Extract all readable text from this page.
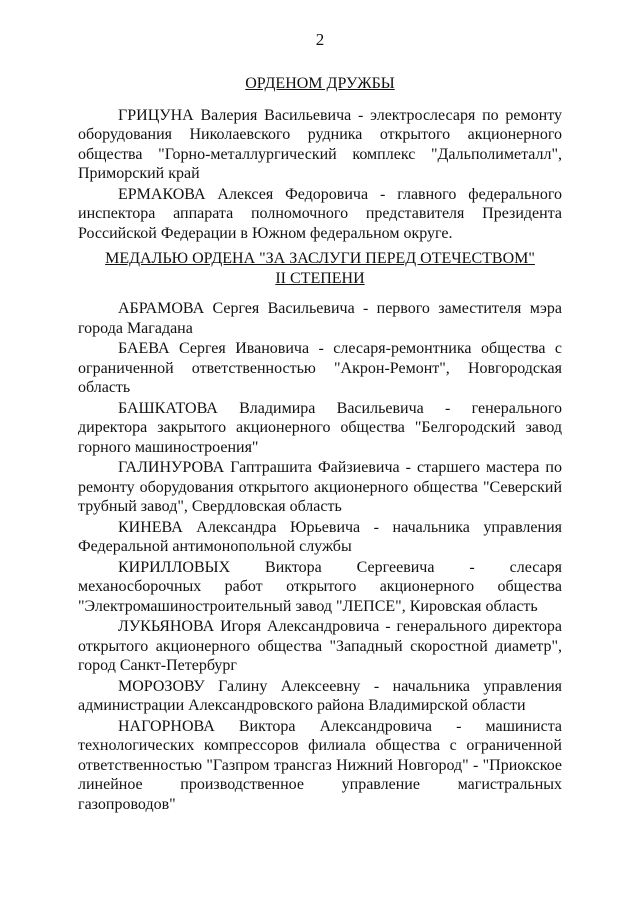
2
ОРДЕНОМ ДРУЖБЫ

ГРИЦУНА Валерия Васильевича - электрослесаря по ремонту оборудования Николаевского рудника открытого акционерного общества "Горно-металлургический комплекс "Дальполиметалл", Приморский край

ЕРМАКОВА Алексея Федоровича - главного федерального инспектора аппарата полномочного представителя Президента Российской Федерации в Южном федеральном округе.

МЕДАЛЬЮ ОРДЕНА "ЗА ЗАСЛУГИ ПЕРЕД ОТЕЧЕСТВОМ"
II СТЕПЕНИ

АБРАМОВА Сергея Васильевича - первого заместителя мэра города Магадана

БАЕВА Сергея Ивановича - слесаря-ремонтника общества с ограниченной ответственностью "Акрон-Ремонт", Новгородская область

БАШКАТОВА Владимира Васильевича - генерального директора закрытого акционерного общества "Белгородский завод горного машиностроения"

ГАЛИНУРОВА Гаптрашита Файзиевича - старшего мастера по ремонту оборудования открытого акционерного общества "Северский трубный завод", Свердловская область

КИНЕВА Александра Юрьевича - начальника управления Федеральной антимонопольной службы

КИРИЛЛОВЫХ Виктора Сергеевича - слесаря механосборочных работ открытого акционерного общества "Электромашиностроительный завод "ЛЕПСЕ", Кировская область

ЛУКЬЯНОВА Игоря Александровича - генерального директора открытого акционерного общества "Западный скоростной диаметр", город Санкт-Петербург

МОРОЗОВУ Галину Алексеевну - начальника управления администрации Александровского района Владимирской области

НАГОРНОВА Виктора Александровича - машиниста технологических компрессоров филиала общества с ограниченной ответственностью "Газпром трансгаз Нижний Новгород" - "Приокское линейное производственное управление магистральных газопроводов"
